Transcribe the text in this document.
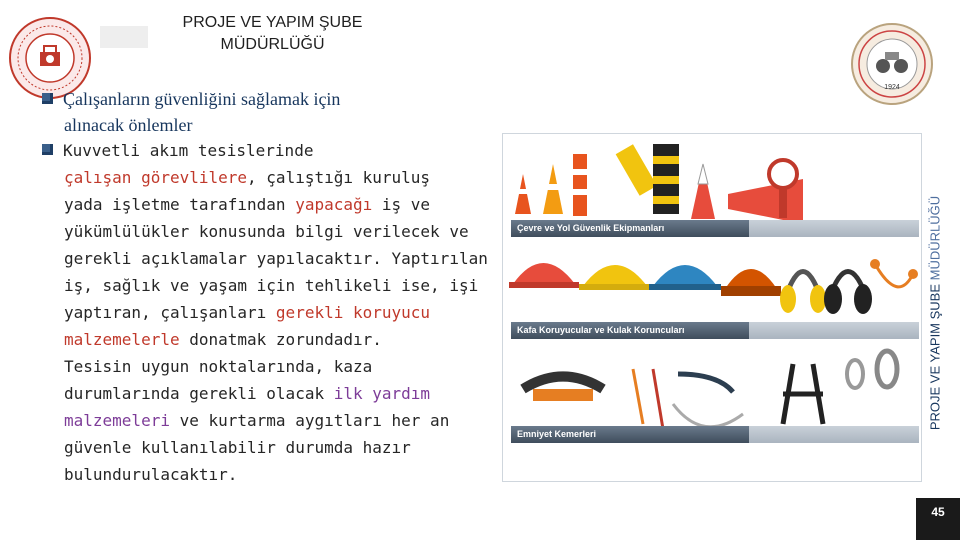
PROJE VE YAPIM ŞUBE
MÜDÜRLÜĞÜ
1924
Çalışanların güvenliğini sağlamak için

alınacak önlemler
Kuvvetli akım tesislerinde
çalışan görevlilere, çalıştığı kuruluş
yada işletme tarafından yapacağı iş ve
yükümlülükler konusunda bilgi verilecek ve
gerekli açıklamalar yapılacaktır. Yaptırılan
iş, sağlık ve yaşam için tehlikeli ise, işi
yaptıran, çalışanları gerekli koruyucu
malzemelerle donatmak zorundadır.
Tesisin uygun noktalarında, kaza
durumlarında gerekli olacak ilk yardım
malzemeleri ve kurtarma aygıtları her an
güvenle kullanılabilir durumda hazır
bulundurulacaktır.
Çevre ve Yol Güvenlik Ekipmanları
Kafa Koruyucular ve Kulak Koruncuları
Emniyet Kemerleri
PROJE VE YAPIM ŞUBE MÜDÜRLÜĞÜ
45
